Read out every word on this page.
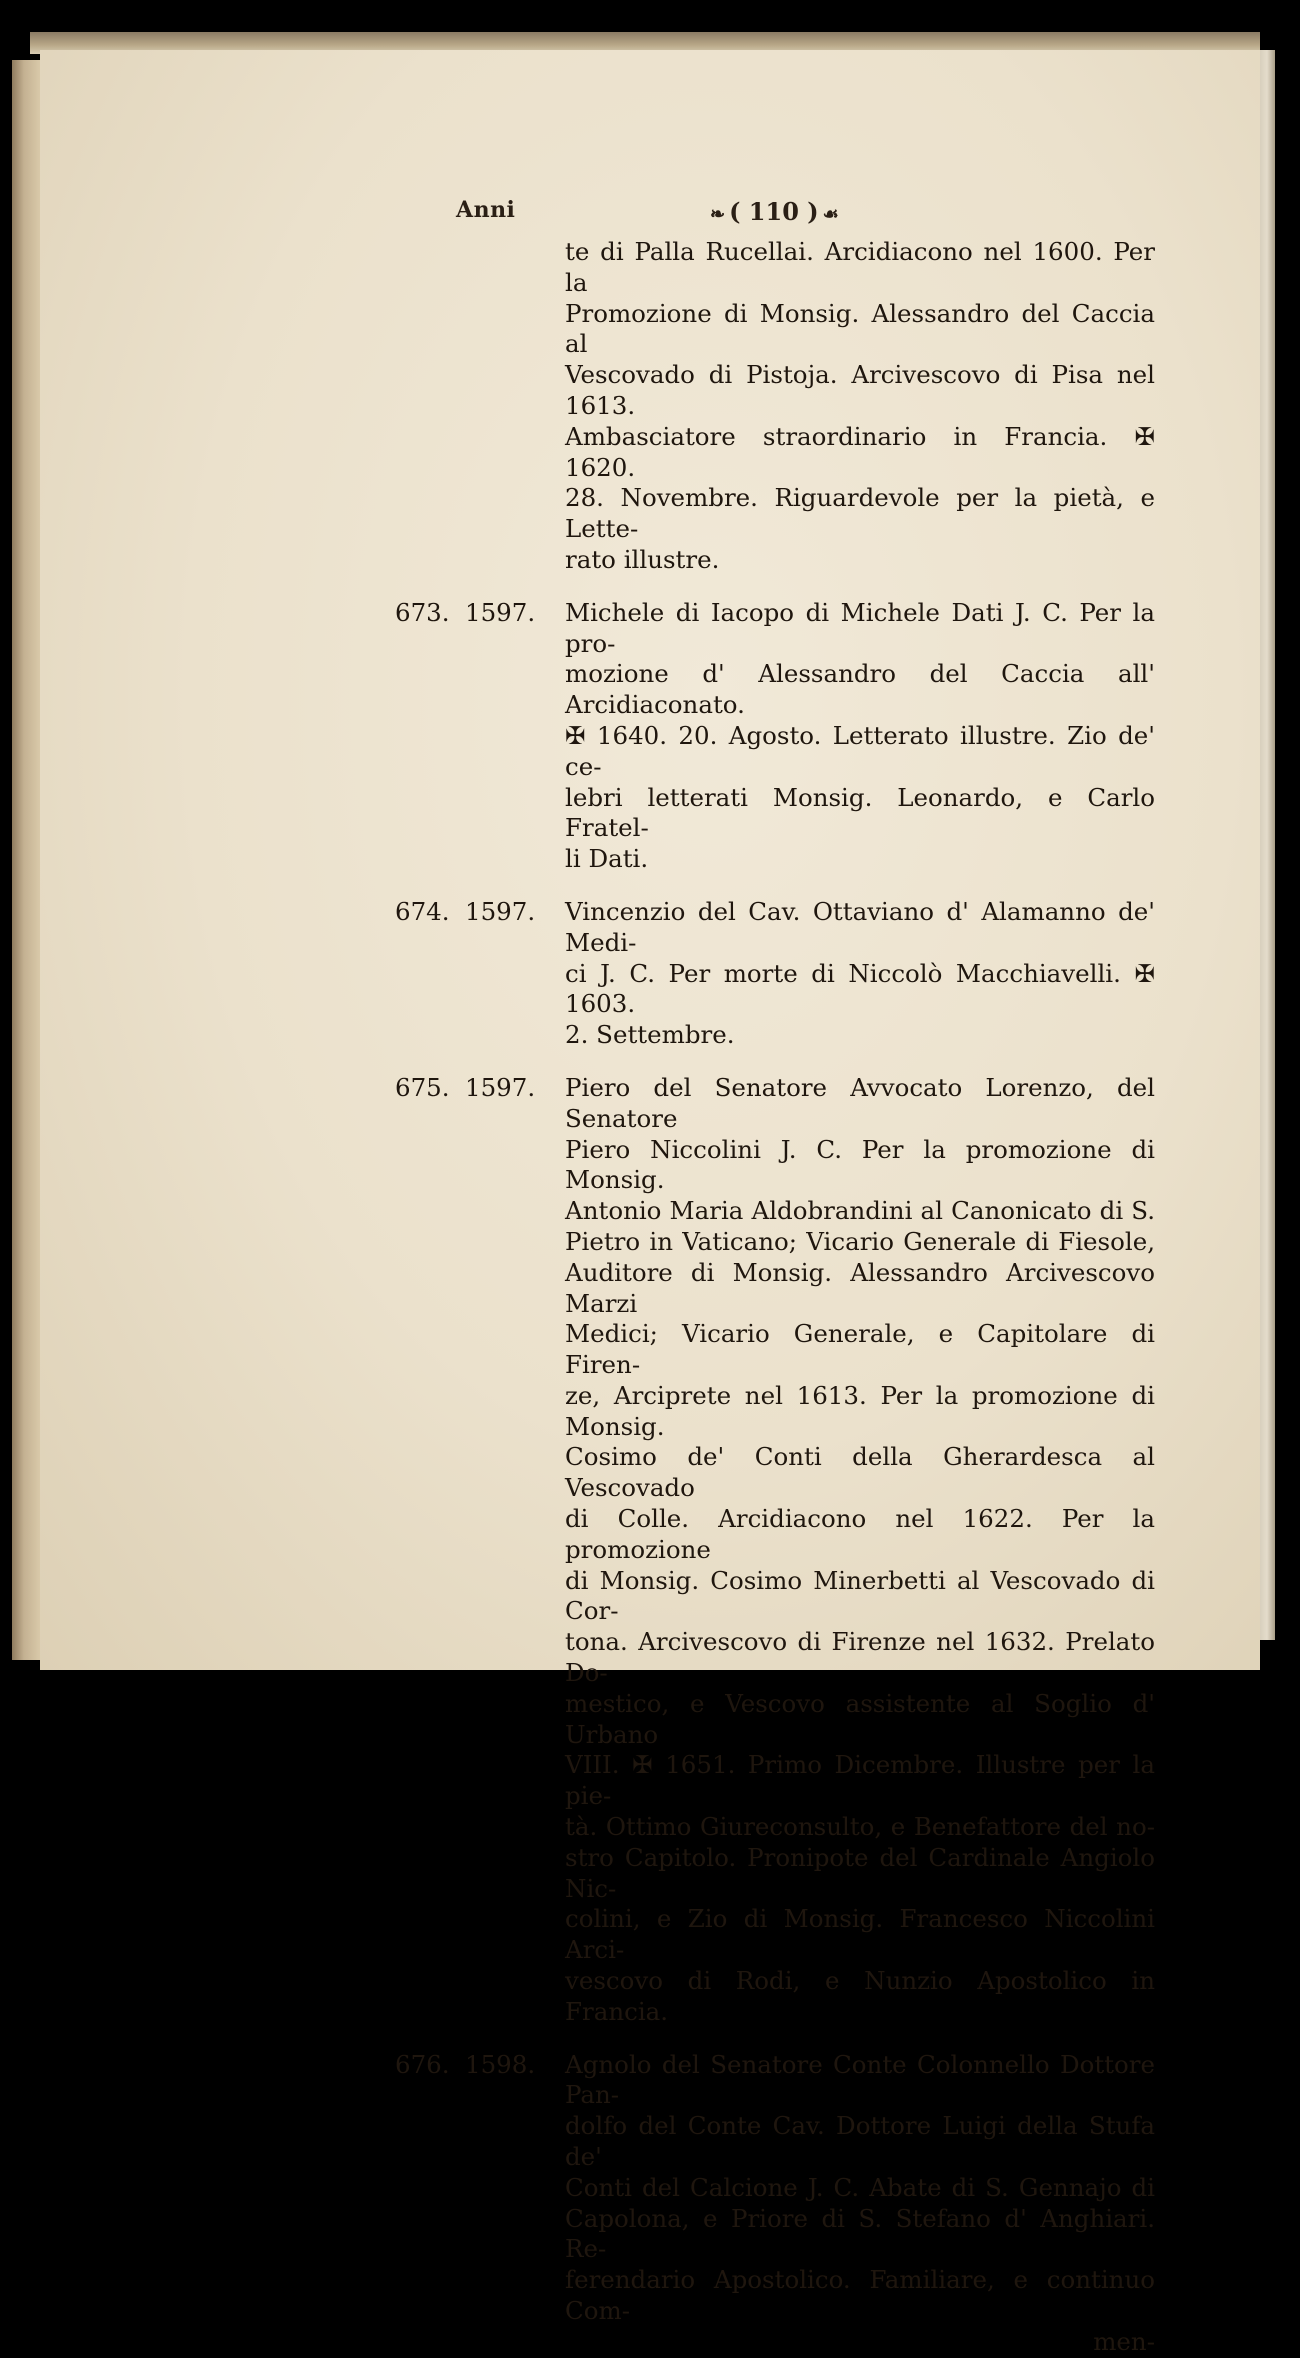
Anni	❧ ( 110 ) ☙
te di Palla Rucellai. Arcidiacono nel 1600. Per la
Promozione di Monsig. Alessandro del Caccia al
Vescovado di Pistoja. Arcivescovo di Pisa nel 1613.
Ambasciatore straordinario in Francia. ✠ 1620.
28. Novembre. Riguardevole per la pietà, e Lette-
rato illustre.
673. 1597.	Michele di Iacopo di Michele Dati J. C. Per la pro-
mozione d' Alessandro del Caccia all' Arcidiaconato.
✠ 1640. 20. Agosto. Letterato illustre. Zio de' ce-
lebri letterati Monsig. Leonardo, e Carlo Fratel-
li Dati.
674. 1597.	Vincenzio del Cav. Ottaviano d' Alamanno de' Medi-
ci J. C. Per morte di Niccolò Macchiavelli. ✠ 1603.
2. Settembre.
675. 1597.	Piero del Senatore Avvocato Lorenzo, del Senatore
Piero Niccolini J. C. Per la promozione di Monsig.
Antonio Maria Aldobrandini al Canonicato di S.
Pietro in Vaticano; Vicario Generale di Fiesole,
Auditore di Monsig. Alessandro Arcivescovo Marzi
Medici; Vicario Generale, e Capitolare di Firen-
ze, Arciprete nel 1613. Per la promozione di Monsig.
Cosimo de' Conti della Gherardesca al Vescovado
di Colle. Arcidiacono nel 1622. Per la promozione
di Monsig. Cosimo Minerbetti al Vescovado di Cor-
tona. Arcivescovo di Firenze nel 1632. Prelato Do-
mestico, e Vescovo assistente al Soglio d' Urbano
VIII. ✠ 1651. Primo Dicembre. Illustre per la pie-
tà. Ottimo Giureconsulto, e Benefattore del no-
stro Capitolo. Pronipote del Cardinale Angiolo Nic-
colini, e Zio di Monsig. Francesco Niccolini Arci-
vescovo di Rodi, e Nunzio Apostolico in Francia.
676. 1598.	Agnolo del Senatore Conte Colonnello Dottore Pan-
dolfo del Conte Cav. Dottore Luigi della Stufa de'
Conti del Calcione J. C. Abate di S. Gennajo di
Capolona, e Priore di S. Stefano d' Anghiari. Re-
ferendario Apostolico. Familiare, e continuo Com-
men-
